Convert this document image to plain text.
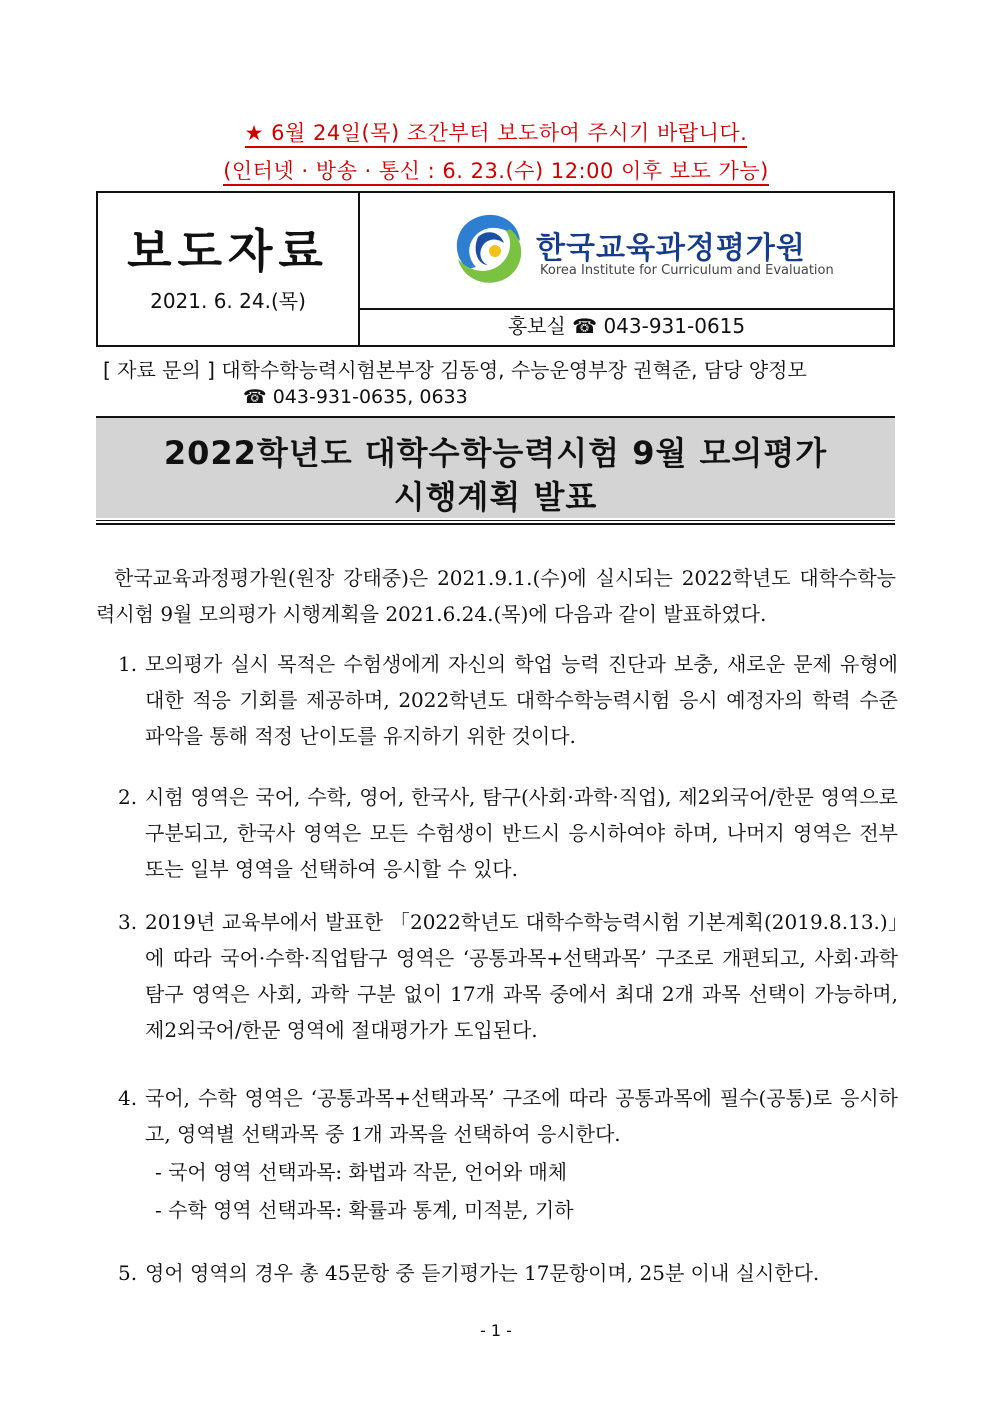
★ 6월 24일(목) 조간부터 보도하여 주시기 바랍니다.
(인터넷 · 방송 · 통신 : 6. 23.(수) 12:00 이후 보도 가능)
보도자료
2021. 6. 24.(목)
한국교육과정평가원
Korea Institute for Curriculum and Evaluation
홍보실 ☎ 043-931-0615
[ 자료 문의 ] 대학수학능력시험본부장 김동영, 수능운영부장 권혁준, 담당 양정모
☎ 043-931-0635, 0633
2022학년도 대학수학능력시험 9월 모의평가
시행계획 발표
한국교육과정평가원(원장 강태중)은 2021.9.1.(수)에 실시되는 2022학년도 대학수학능력시험 9월 모의평가 시행계획을 2021.6.24.(목)에 다음과 같이 발표하였다.
1. 모의평가 실시 목적은 수험생에게 자신의 학업 능력 진단과 보충, 새로운 문제 유형에 대한 적응 기회를 제공하며, 2022학년도 대학수학능력시험 응시 예정자의 학력 수준 파악을 통해 적정 난이도를 유지하기 위한 것이다.
2. 시험 영역은 국어, 수학, 영어, 한국사, 탐구(사회·과학·직업), 제2외국어/한문 영역으로 구분되고, 한국사 영역은 모든 수험생이 반드시 응시하여야 하며, 나머지 영역은 전부 또는 일부 영역을 선택하여 응시할 수 있다.
3. 2019년 교육부에서 발표한 「2022학년도 대학수학능력시험 기본계획(2019.8.13.)」에 따라 국어·수학·직업탐구 영역은 ‘공통과목+선택과목’ 구조로 개편되고, 사회·과학탐구 영역은 사회, 과학 구분 없이 17개 과목 중에서 최대 2개 과목 선택이 가능하며, 제2외국어/한문 영역에 절대평가가 도입된다.
4. 국어, 수학 영역은 ‘공통과목+선택과목’ 구조에 따라 공통과목에 필수(공통)로 응시하고, 영역별 선택과목 중 1개 과목을 선택하여 응시한다.
- 국어 영역 선택과목: 화법과 작문, 언어와 매체
- 수학 영역 선택과목: 확률과 통계, 미적분, 기하
5. 영어 영역의 경우 총 45문항 중 듣기평가는 17문항이며, 25분 이내 실시한다.
- 1 -
